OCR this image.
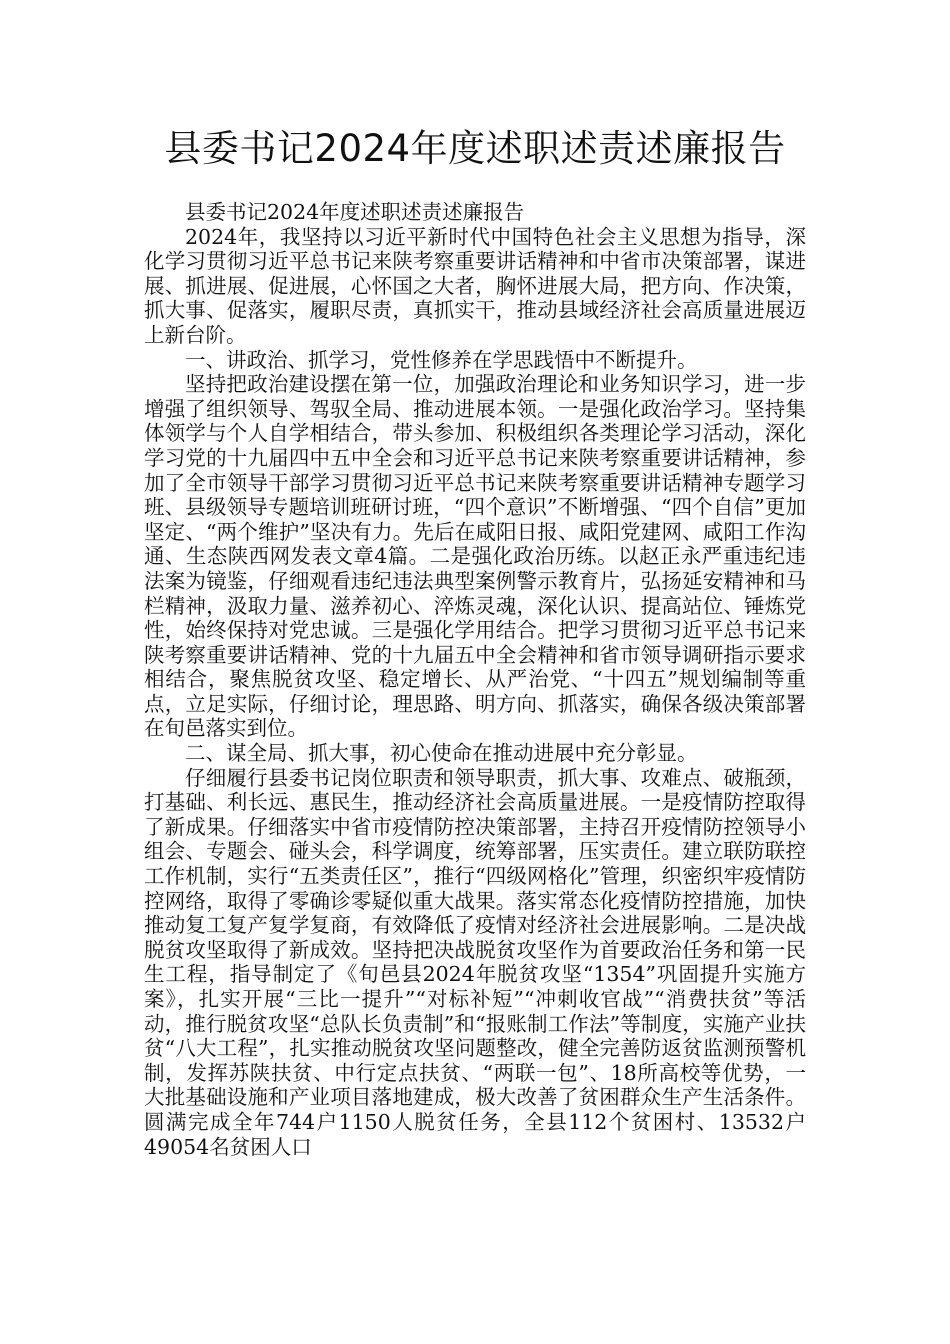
县委书记2024年度述职述责述廉报告

县委书记2024年度述职述责述廉报告

2024年，我坚持以习近平新时代中国特色社会主义思想为指导，深化学习贯彻习近平总书记来陕考察重要讲话精神和中省市决策部署，谋进展、抓进展、促进展，心怀国之大者，胸怀进展大局，把方向、作决策，抓大事、促落实，履职尽责，真抓实干，推动县域经济社会高质量进展迈上新台阶。

一、讲政治、抓学习，党性修养在学思践悟中不断提升。

坚持把政治建设摆在第一位，加强政治理论和业务知识学习，进一步增强了组织领导、驾驭全局、推动进展本领。一是强化政治学习。坚持集体领学与个人自学相结合，带头参加、积极组织各类理论学习活动，深化学习党的十九届四中五中全会和习近平总书记来陕考察重要讲话精神，参加了全市领导干部学习贯彻习近平总书记来陕考察重要讲话精神专题学习班、县级领导专题培训班研讨班，“四个意识”不断增强、“四个自信”更加坚定、“两个维护”坚决有力。先后在咸阳日报、咸阳党建网、咸阳工作沟通、生态陕西网发表文章4篇。二是强化政治历练。以赵正永严重违纪违法案为镜鉴，仔细观看违纪违法典型案例警示教育片，弘扬延安精神和马栏精神，汲取力量、滋养初心、淬炼灵魂，深化认识、提高站位、锤炼党性，始终保持对党忠诚。三是强化学用结合。把学习贯彻习近平总书记来陕考察重要讲话精神、党的十九届五中全会精神和省市领导调研指示要求相结合，聚焦脱贫攻坚、稳定增长、从严治党、“十四五”规划编制等重点，立足实际，仔细讨论，理思路、明方向、抓落实，确保各级决策部署在旬邑落实到位。

二、谋全局、抓大事，初心使命在推动进展中充分彰显。

仔细履行县委书记岗位职责和领导职责，抓大事、攻难点、破瓶颈，打基础、利长远、惠民生，推动经济社会高质量进展。一是疫情防控取得了新成果。仔细落实中省市疫情防控决策部署，主持召开疫情防控领导小组会、专题会、碰头会，科学调度，统筹部署，压实责任。建立联防联控工作机制，实行“五类责任区”，推行“四级网格化”管理，织密织牢疫情防控网络，取得了零确诊零疑似重大战果。落实常态化疫情防控措施，加快推动复工复产复学复商，有效降低了疫情对经济社会进展影响。二是决战脱贫攻坚取得了新成效。坚持把决战脱贫攻坚作为首要政治任务和第一民生工程，指导制定了《旬邑县2024年脱贫攻坚“1354”巩固提升实施方案》，扎实开展“三比一提升”“对标补短”“冲刺收官战”“消费扶贫”等活动，推行脱贫攻坚“总队长负责制”和“报账制工作法”等制度，实施产业扶贫“八大工程”，扎实推动脱贫攻坚问题整改，健全完善防返贫监测预警机制，发挥苏陕扶贫、中行定点扶贫、“两联一包”、18所高校等优势，一大批基础设施和产业项目落地建成，极大改善了贫困群众生产生活条件。圆满完成全年744户1150人脱贫任务，全县112个贫困村、13532户49054名贫困人口
